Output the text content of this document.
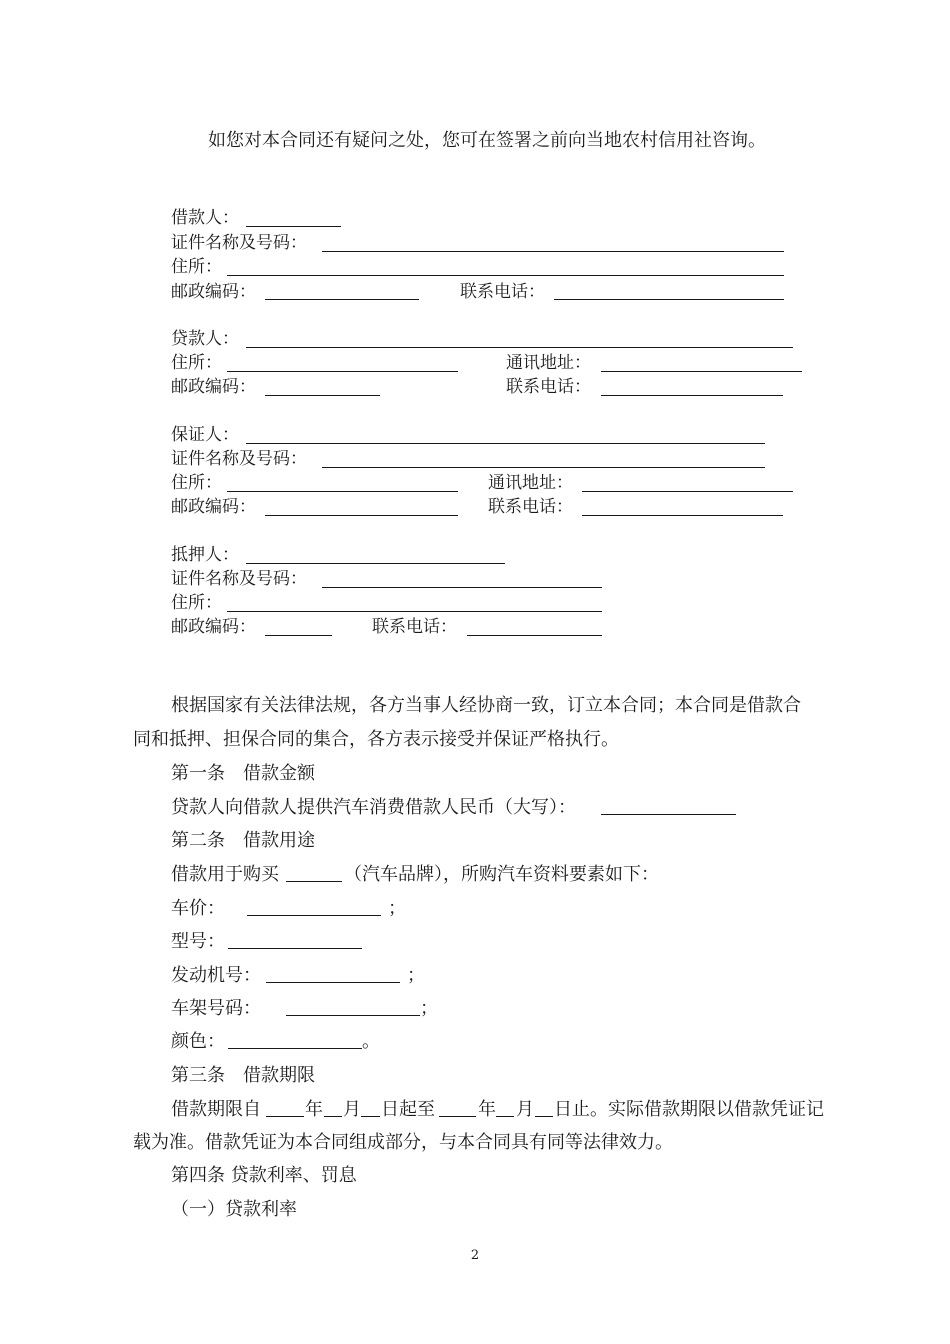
如您对本合同还有疑问之处，您可在签署之前向当地农村信用社咨询。
借款人：
证件名称及号码：
住所：
邮政编码：	联系电话：
贷款人：
住所：	通讯地址：
邮政编码：	联系电话：
保证人：
证件名称及号码：
住所：	通讯地址：
邮政编码：	联系电话：
抵押人：
证件名称及号码：
住所：
邮政编码：	联系电话：
根据国家有关法律法规，各方当事人经协商一致，订立本合同；本合同是借款合
同和抵押、担保合同的集合，各方表示接受并保证严格执行。
第一条　借款金额
贷款人向借款人提供汽车消费借款人民币（大写）：
第二条　借款用途
借款用于购买	（汽车品牌），所购汽车资料要素如下：
车价：	；
型号：
发动机号：	；
车架号码：	；
颜色：	。
第三条　借款期限
借款期限自 年 月 日起至 年 月 日止。实际借款期限以借款凭证记
载为准。借款凭证为本合同组成部分，与本合同具有同等法律效力。
第四条 贷款利率、罚息
（一）贷款利率
2
